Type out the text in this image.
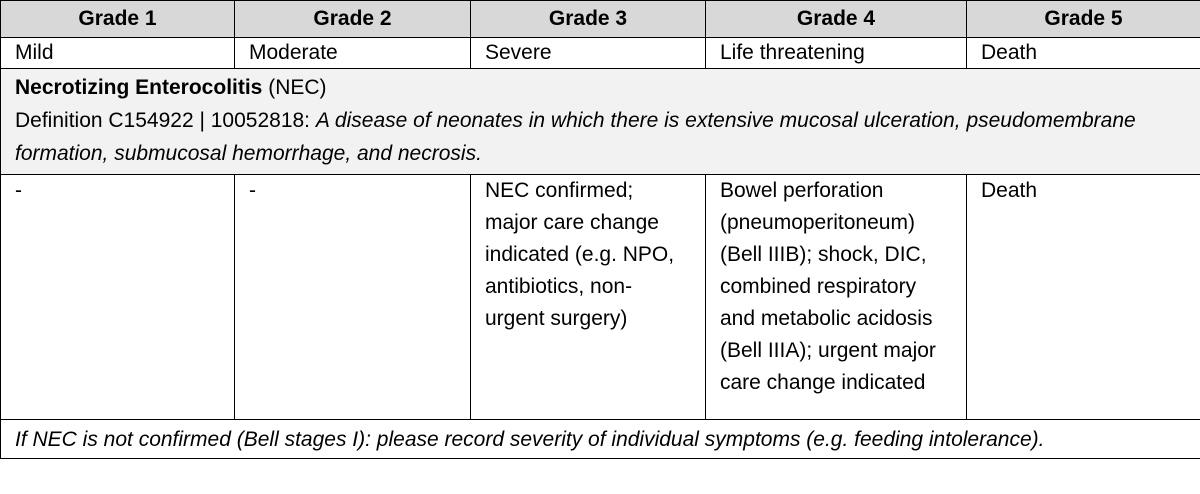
Grade 1	Grade 2	Grade 3	Grade 4	Grade 5
Mild	Moderate	Severe	Life threatening	Death

Necrotizing Enterocolitis (NEC)
Definition C154922 | 10052818: A disease of neonates in which there is extensive mucosal ulceration, pseudomembrane formation, submucosal hemorrhage, and necrosis.				

-	-	NEC confirmed; major care change indicated (e.g. NPO, antibiotics, non-urgent surgery)	Bowel perforation (pneumoperitoneum) (Bell IIIB); shock, DIC, combined respiratory and metabolic acidosis (Bell IIIA); urgent major care change indicated	Death
If NEC is not confirmed (Bell stages I): please record severity of individual symptoms (e.g. feeding intolerance).				
